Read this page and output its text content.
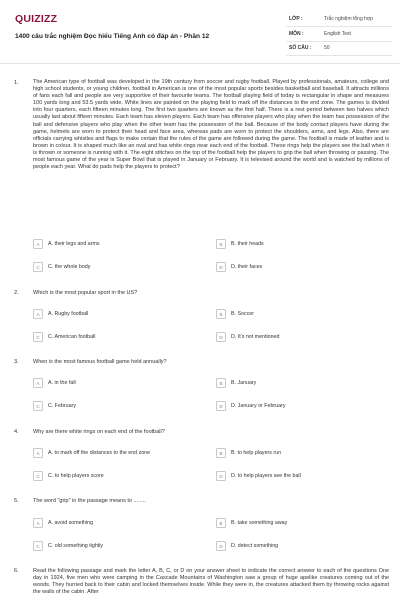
QUIZIZZ
1400 câu trắc nghiệm Đọc hiểu Tiếng Anh có đáp án - Phần 12
LỚP :	Trắc nghiệm tổng hợp
MÔN :	English Test
SỐ CÂU :	50
1.	The American type of football was developed in the 19th century from soccer and rugby football. Played by professionals, amateurs, college and high school students, or young children, football in American is one of the most popular sports besides basketball and baseball. It attracts millions of fans each fall and people are very supportive of their favourite teams. The football playing field of today is rectangular in shape and measures 100 yards long and 53.5 yards wide. White lines are painted on the playing field to mark off the distances to the end zone. The games is divided into four quarters, each fifteen minutes long. The first two quarters are known as the first half. There is a rest period between two halves which usually last about fifteen minutes. Each team has eleven players. Each team has offensive players who play when the team has possession of the ball and defensive players who play when the other team has the possession of the ball. Because of the body contact players have during the game, helmets are worn to protect their head and face area, whereas pads are worn to protect the shoulders, arms, and legs. Also, there are officials carrying whistles and flags to make certain that the rules of the game are followed during the game. The football is made of leather and is brown in colour. It is shaped much like an oval and has white rings near each end of the football. These rings help the players see the ball when it is thrown or someone is running with it. The eight stitches on the top of the football help the players to grip the ball when throwing or passing. The most famous game of the year is Super Bowl that is played in January or February. It is televised around the world and is watched by millions of people each year. What do pads help the players to protect?
A	A. their legs and arms	B	B. their heads
C	C. the whole body	D	D. their faces
2.	Which is the most popular sport in the US?
A	A. Rugby football	B	B. Soccer
C	C. American football	D	D. It's not mentioned
3.	When is the most famous football game held annually?
A	A. in the fall	B	B. January
C	C. February	D	D. January or February
4.	Why are there white rings on each end of the football?
A	A. to mark off the distances to the end zone	B	B. to help players run
C	C. to help players score	D	D. to help players see the ball
5.	The word "grip" in the passage means to ........
A	A. avoid something	B	B. take something away
C	C. old something tightly	D	D. detect something
6.	Read the following passage and mark the letter A, B, C, or D on your answer sheet to indicate the correct answer to each of the questions One day in 1924, five men who were camping in the Cascade Mountains of Washington saw a group of huge apelike creatures coming out of the woods. They hurried back to their cabin and locked themselves inside. While they were in, the creatures attacked them by throwing rocks against the walls of the cabin. After
